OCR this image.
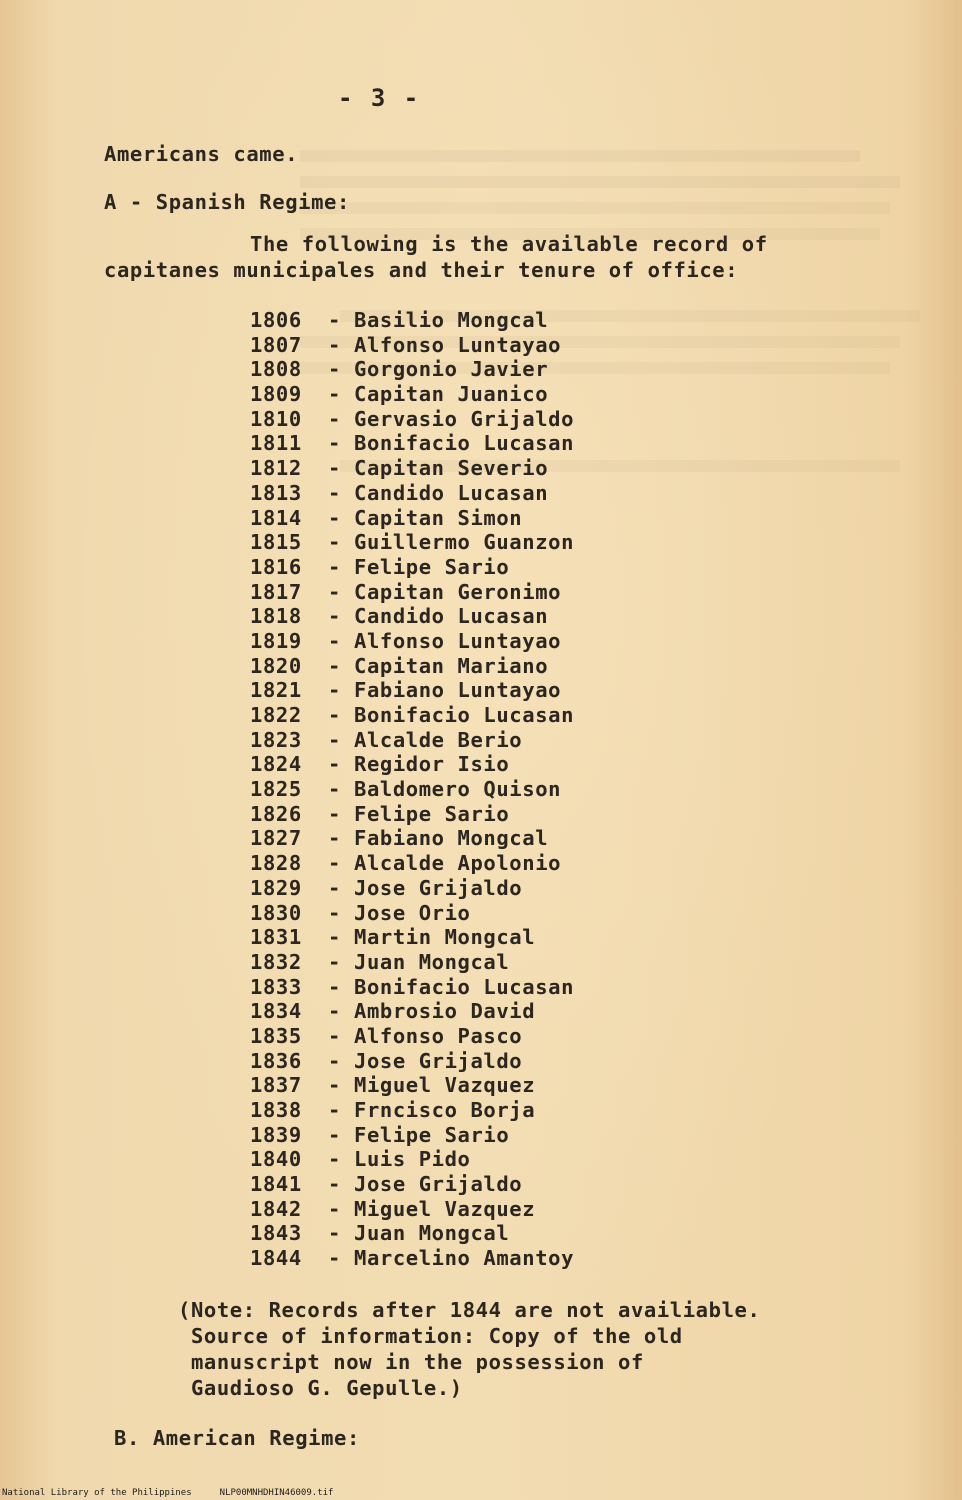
- 3 -
Americans came.
A - Spanish Regime:
The following is the available record of
capitanes municipales and their tenure of office:
1806 - Basilio Mongcal
1807 - Alfonso Luntayao
1808 - Gorgonio Javier
1809 - Capitan Juanico
1810 - Gervasio Grijaldo
1811 - Bonifacio Lucasan
1812 - Capitan Severio
1813 - Candido Lucasan
1814 - Capitan Simon
1815 - Guillermo Guanzon
1816 - Felipe Sario
1817 - Capitan Geronimo
1818 - Candido Lucasan
1819 - Alfonso Luntayao
1820 - Capitan Mariano
1821 - Fabiano Luntayao
1822 - Bonifacio Lucasan
1823 - Alcalde Berio
1824 - Regidor Isio
1825 - Baldomero Quison
1826 - Felipe Sario
1827 - Fabiano Mongcal
1828 - Alcalde Apolonio
1829 - Jose Grijaldo
1830 - Jose Orio
1831 - Martin Mongcal
1832 - Juan Mongcal
1833 - Bonifacio Lucasan
1834 - Ambrosio David
1835 - Alfonso Pasco
1836 - Jose Grijaldo
1837 - Miguel Vazquez
1838 - Frncisco Borja
1839 - Felipe Sario
1840 - Luis Pido
1841 - Jose Grijaldo
1842 - Miguel Vazquez
1843 - Juan Mongcal
1844 - Marcelino Amantoy
(Note: Records after 1844 are not availiable.
Source of information: Copy of the old
manuscript now in the possession of
Gaudioso G. Gepulle.)
B. American Regime:
National Library of the Philippines	NLP00MNHDHIN46009.tif
